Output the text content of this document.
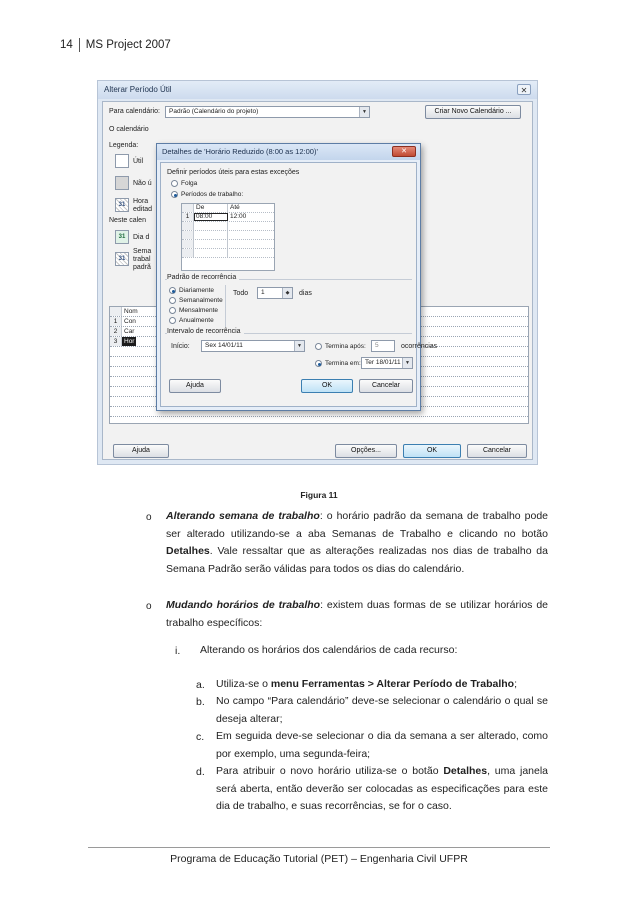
14 MS Project 2007
Alterar Período Útil	✕
Para calendário:	Padrão (Calendário do projeto)	▼	Criar Novo Calendário ...
O calendário
Legenda:
Útil
Não ú
31	Hora editad
Neste calen
31	Dia d
31
Sema trabal padrã
Nom
1	Con
2	Car
3	Hor
Ajuda	Opções...	OK	Cancelar
Detalhes de 'Horário Reduzido (8:00 as 12:00)'	✕
Definir períodos úteis para estas exceções
Folga
Períodos de trabalho:
De	Até
1	08:00	12:00
Padrão de recorrência
Diariamente
Semanalmente
Mensalmente
Anualmente
Todo	1	◆	dias
Intervalo de recorrência
Início:	Sex 14/01/11	▼	Termina após:	5	ocorrências
Termina em: Ter 18/01/11 ▼
Ajuda	OK	Cancelar
Figura 11
o Alterando semana de trabalho: o horário padrão da semana de trabalho pode ser alterado utilizando-se a aba Semanas de Trabalho e clicando no botão Detalhes. Vale ressaltar que as alterações realizadas nos dias de trabalho da Semana Padrão serão válidas para todos os dias do calendário.
o Mudando horários de trabalho: existem duas formas de se utilizar horários de trabalho específicos:
i. Alterando os horários dos calendários de cada recurso:
a. Utiliza-se o menu Ferramentas > Alterar Período de Trabalho;
b. No campo “Para calendário” deve-se selecionar o calendário o qual se deseja alterar;
c. Em seguida deve-se selecionar o dia da semana a ser alterado, como por exemplo, uma segunda-feira;
d. Para atribuir o novo horário utiliza-se o botão Detalhes, uma janela será aberta, então deverão ser colocadas as especificações para este dia de trabalho, e suas recorrências, se for o caso.
Programa de Educação Tutorial (PET) – Engenharia Civil UFPR
